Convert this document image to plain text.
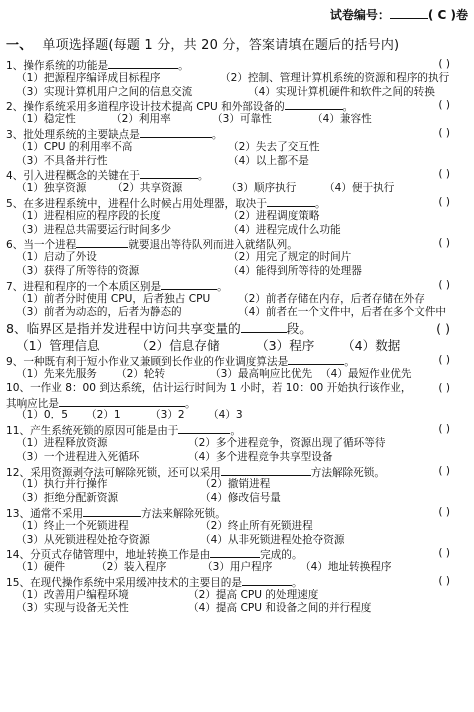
试卷编号：	( C )卷
一、 单项选择题(每题 1 分，共 20 分，答案请填在题后的括号内)
1、操作系统的功能是	。	( )
（1）把源程序编译成目标程序	（2）控制、管理计算机系统的资源和程序的执行
（3）实现计算机用户之间的信息交流	（4）实现计算机硬件和软件之间的转换
2、操作系统采用多道程序设计技术提高 CPU 和外部设备的	。	( )
（1）稳定性	（2）利用率	（3）可靠性	（4）兼容性
3、批处理系统的主要缺点是	。	( )
（1）CPU 的利用率不高	（2）失去了交互性
（3）不具备并行性	（4）以上都不是
4、引入进程概念的关键在于	。	( )
（1）独享资源 （2）共享资源	（3）顺序执行	（4）便于执行
5、在多进程系统中，进程什么时候占用处理器，取决于	。	( )
（1）进程相应的程序段的长度	（2）进程调度策略
（3）进程总共需要运行时间多少	（4）进程完成什么功能
6、当一个进程	就要退出等待队列而进入就绪队列。	( )
（1）启动了外设	（2）用完了规定的时间片
（3）获得了所等待的资源	（4）能得到所等待的处理器
7、进程和程序的一个本质区别是	。	( )
（1）前者分时使用 CPU，后者独占 CPU	（2）前者存储在内存，后者存储在外存
（3）前者为动态的，后者为静态的	（4）前者在一个文件中，后者在多个文件中
8、临界区是指并发进程中访问共享变量的	段。	( )
（1）管理信息	（2）信息存储	（3）程序 （4）数据
9、一种既有利于短小作业又兼顾到长作业的作业调度算法是	。	( )
（1）先来先服务 （2）轮转	（3）最高响应比优先 （4）最短作业优先
10、一作业 8：00 到达系统，估计运行时间为 1 小时，若 10：00 开始执行该作业，	( )
其响应比是	。
（1）0．5 （2）1	（3）2 （4）3
11、产生系统死锁的原因可能是由于	。	( )
（1）进程释放资源	（2）多个进程竞争，资源出现了循环等待
（3）一个进程进入死循环	（4）多个进程竞争共享型设备
12、采用资源剥夺法可解除死锁，还可以采用	方法解除死锁。	( )
（1）执行并行操作	（2）撤销进程
（3）拒绝分配新资源	（4）修改信号量
13、通常不采用	方法来解除死锁。	( )
（1）终止一个死锁进程	（2）终止所有死锁进程
（3）从死锁进程处抢夺资源	（4）从非死锁进程处抢夺资源
14、分页式存储管理中，地址转换工作是由	完成的。	( )
（1）硬件	（2）装入程序	（3）用户程序	（4）地址转换程序
15、在现代操作系统中采用缓冲技术的主要目的是	。	( )
（1）改善用户编程环境	（2）提高 CPU 的处理速度
（3）实现与设备无关性	（4）提高 CPU 和设备之间的并行程度
